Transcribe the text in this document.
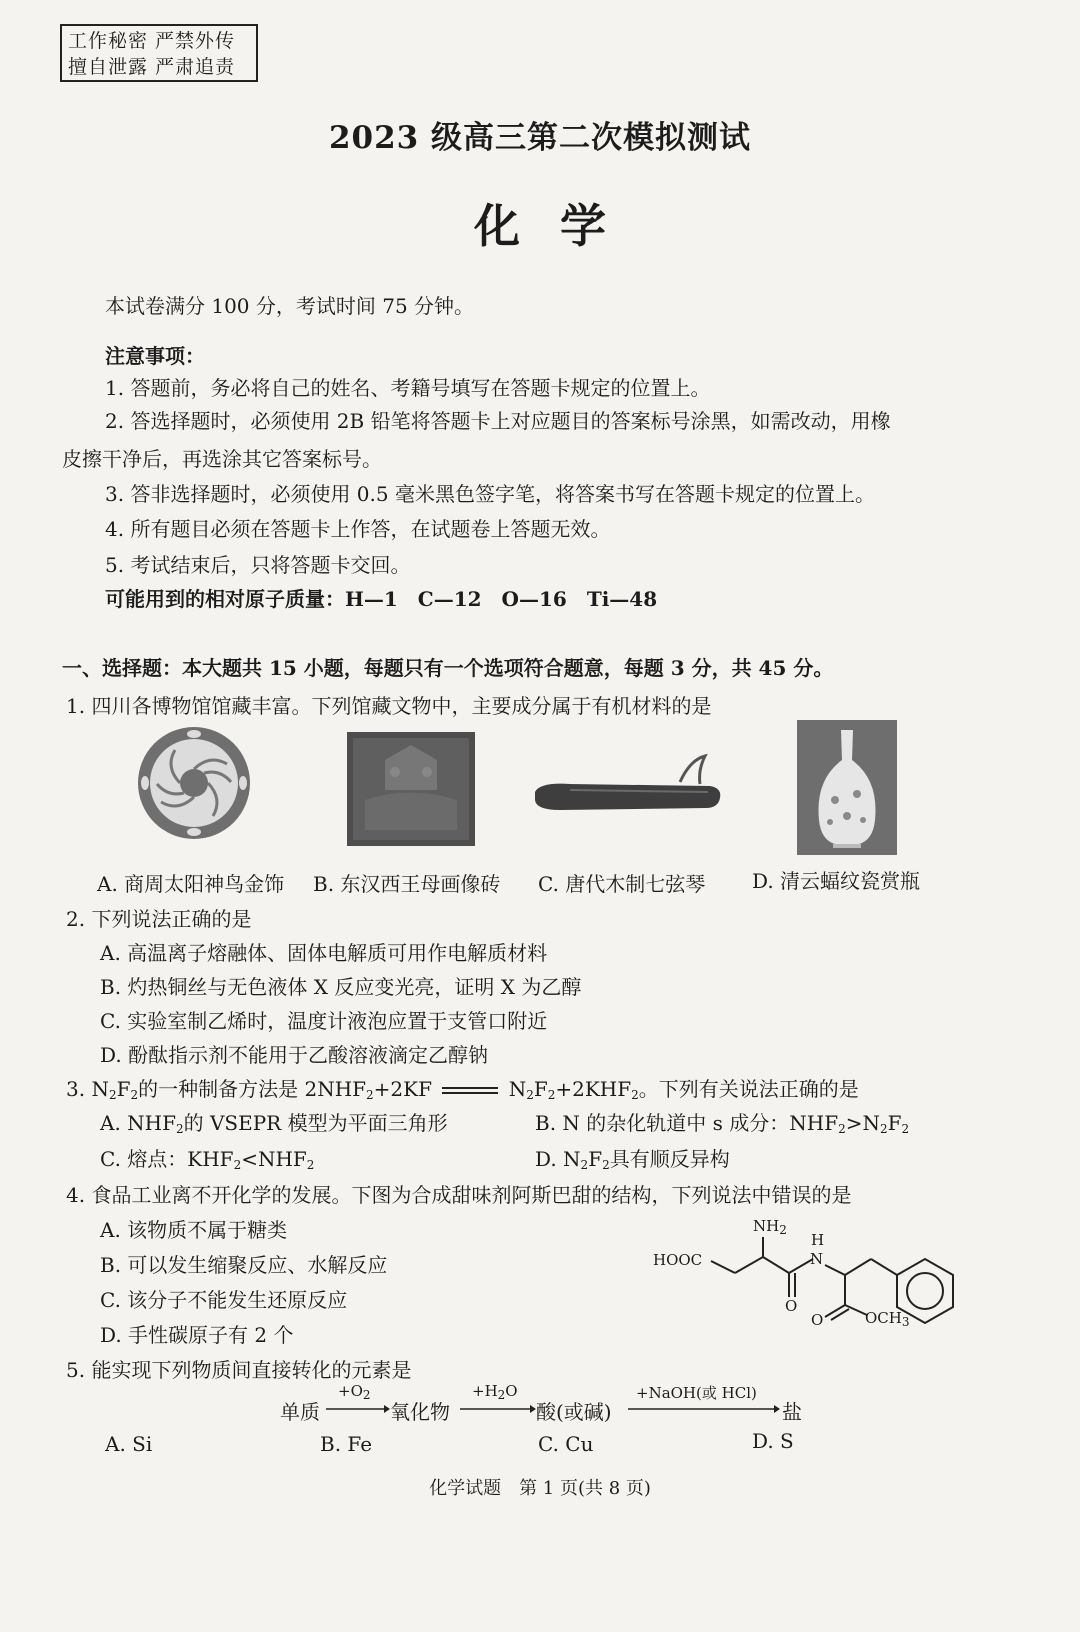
工作秘密 严禁外传
擅自泄露 严肃追责
2023 级高三第二次模拟测试
化学
本试卷满分 100 分，考试时间 75 分钟。
注意事项：
1. 答题前，务必将自己的姓名、考籍号填写在答题卡规定的位置上。
2. 答选择题时，必须使用 2B 铅笔将答题卡上对应题目的答案标号涂黑，如需改动，用橡
皮擦干净后，再选涂其它答案标号。
3. 答非选择题时，必须使用 0.5 毫米黑色签字笔，将答案书写在答题卡规定的位置上。
4. 所有题目必须在答题卡上作答，在试题卷上答题无效。
5. 考试结束后，只将答题卡交回。
可能用到的相对原子质量：H—1　C—12　O—16　Ti—48
一、选择题：本大题共 15 小题，每题只有一个选项符合题意，每题 3 分，共 45 分。
1. 四川各博物馆馆藏丰富。下列馆藏文物中，主要成分属于有机材料的是
A. 商周太阳神鸟金饰 B. 东汉西王母画像砖 C. 唐代木制七弦琴 D. 清云蝠纹瓷赏瓶
2. 下列说法正确的是
A. 高温离子熔融体、固体电解质可用作电解质材料
B. 灼热铜丝与无色液体 X 反应变光亮，证明 X 为乙醇
C. 实验室制乙烯时，温度计液泡应置于支管口附近
D. 酚酞指示剂不能用于乙酸溶液滴定乙醇钠
3. $N_2F_2$的一种制备方法是 $2NHF_2+2KF$	$N_2F_2+2KHF_2$。下列有关说法正确的是
A. $NHF_2$的 VSEPR 模型为平面三角形	B. N 的杂化轨道中 s 成分：$NHF_2>N_2F_2$
C. 熔点：$KHF_2<NHF_2$	D. $N_2F_2$具有顺反异构
4. 食品工业离不开化学的发展。下图为合成甜味剂阿斯巴甜的结构，下列说法中错误的是
A. 该物质不属于糖类
B. 可以发生缩聚反应、水解反应
C. 该分子不能发生还原反应
D. 手性碳原子有 2 个
$NH_2$
H
N
HOOC
O
O	$OCH_3$
5. 能实现下列物质间直接转化的元素是
单质
$+O_2$
氧化物
$+H_2O$
酸(或碱)
+NaOH(或 HCl)
盐
A. Si	B. Fe	C. Cu	D. S
化学试题　第 1 页(共 8 页)
